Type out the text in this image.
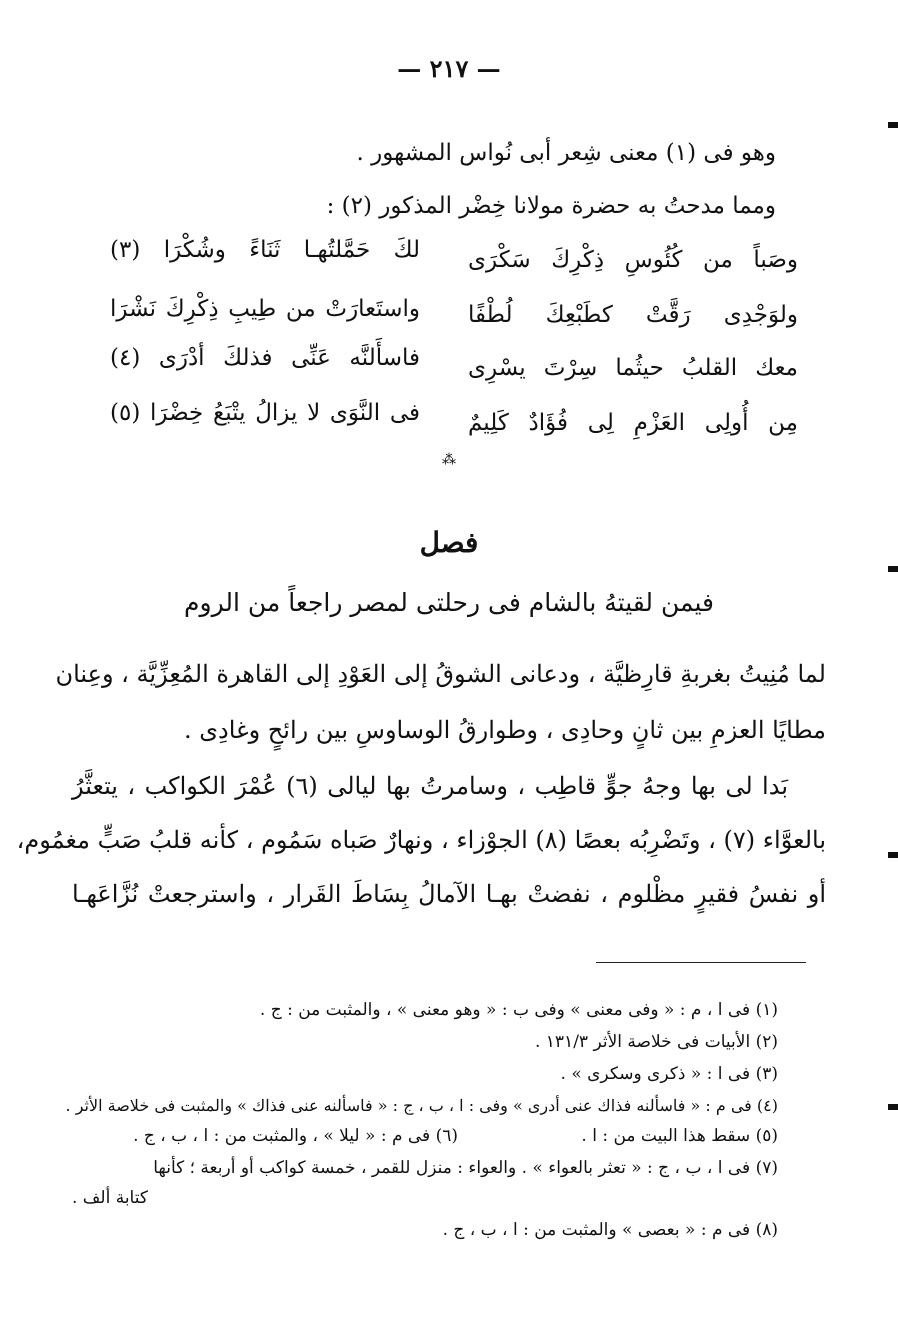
— ٢١٧ —
وهو فى (١) معنى شِعر أبى نُواس المشهور .
ومما مدحتُ به حضرة مولانا خِضْر المذكور (٢) :
وصَباً من كُئُوسِ ذِكْرِكَ سَكْرَى
لكَ حَمَّلتُهـا ثَنَاءً وشُكْرَا (٣)
ولوَجْدِى رَقَّتْ كطَبْعِكَ لُطْفًا
واستَعارَتْ من طِيبِ ذِكْرِكَ نَشْرَا
معك القلبُ حيثُما سِرْتَ يسْرِى
فاسأَلنَّه عَنِّى فذلكَ أدْرَى (٤)
مِن أُولِى العَزْمِ لِى فُؤَادٌ كَلِيمٌ
فى النَّوَى لا يزالُ يتْبَعُ خِضْرَا (٥)
⁂
فصل
فيمن لقيتهُ بالشام فى رحلتى لمصر راجعاً من الروم
لما مُنِيتُ بغربةِ قارِظيَّة ، ودعانى الشوقُ إلى العَوْدِ إلى القاهرة المُعِزِّيَّة ، وعِنان
مطايًا العزمِ بين ثانٍ وحادِى ، وطوارقُ الوساوسِ بين رائحٍ وغادِى .
بَدا لى بها وجهُ جوٍّ قاطِب ، وسامرتُ بها ليالى (٦) عُمْرَ الكواكب ، يتعثَّرُ
بالعوَّاء (٧) ، وتَضْرِبُه بعصًا (٨) الجوْزاء ، ونهارٌ صَباه سَمُوم ، كأنه قلبُ صَبٍّ مغمُوم،
أو نفسُ فقيرٍ مظْلوم ، نفضتْ بهـا الآمالُ بِسَاطَ القَرار ، واسترجعتْ نُزَّاعَهـا
(١) فى ا ، م : « وفى معنى » وفى ب : « وهو معنى » ، والمثبت من : ج .
(٢) الأبيات فى خلاصة الأثر ١٣١/٣ .
(٣) فى ا : « ذكرى وسكرى » .
(٤) فى م : « فاسألنه فذاك عنى أدرى » وفى : ا ، ب ، ج : « فاسألنه عنى فذاك » والمثبت فى خلاصة الأثر .
(٥) سقط هذا البيت من : ا .
(٦) فى م : « ليلا » ، والمثبت من : ا ، ب ، ج .
(٧) فى ا ، ب ، ج : « تعثر بالعواء » . والعواء : منزل للقمر ، خمسة كواكب أو أربعة ؛ كأنها
كتابة ألف .
(٨) فى م : « بعصى » والمثبت من : ا ، ب ، ج .
